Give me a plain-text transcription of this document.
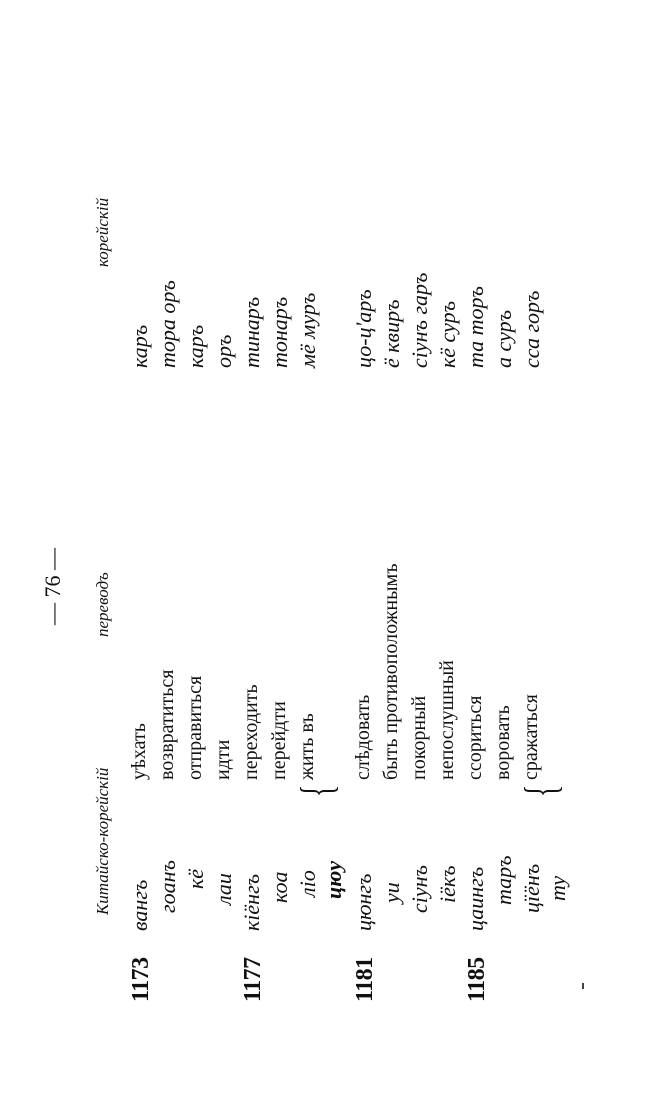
— 76 —
Китайско-корейскій
переводъ
корейскій
1173
вангъ
уѣхать
каръ
гоанъ
возвратиться
тора оръ
кё
отправиться
каръ
лаи
идти
оръ
1177
кіёнгъ
переходить
тинаръ
коа
перейдти
тонаръ
ліо
жить въ
мё муръ
цюу
{
1181
цюнгъ
слѣдовать
цо-ц'аръ
уи
быть противоположнымъ
ё квиръ
сіунъ
покорный
сіунъ гаръ
іёкъ
непослушный
кё суръ
1185
цаингъ
ссориться
та торъ
таръ
воровать
а суръ
цїёнъ
сражаться
сса горъ
ту
{
